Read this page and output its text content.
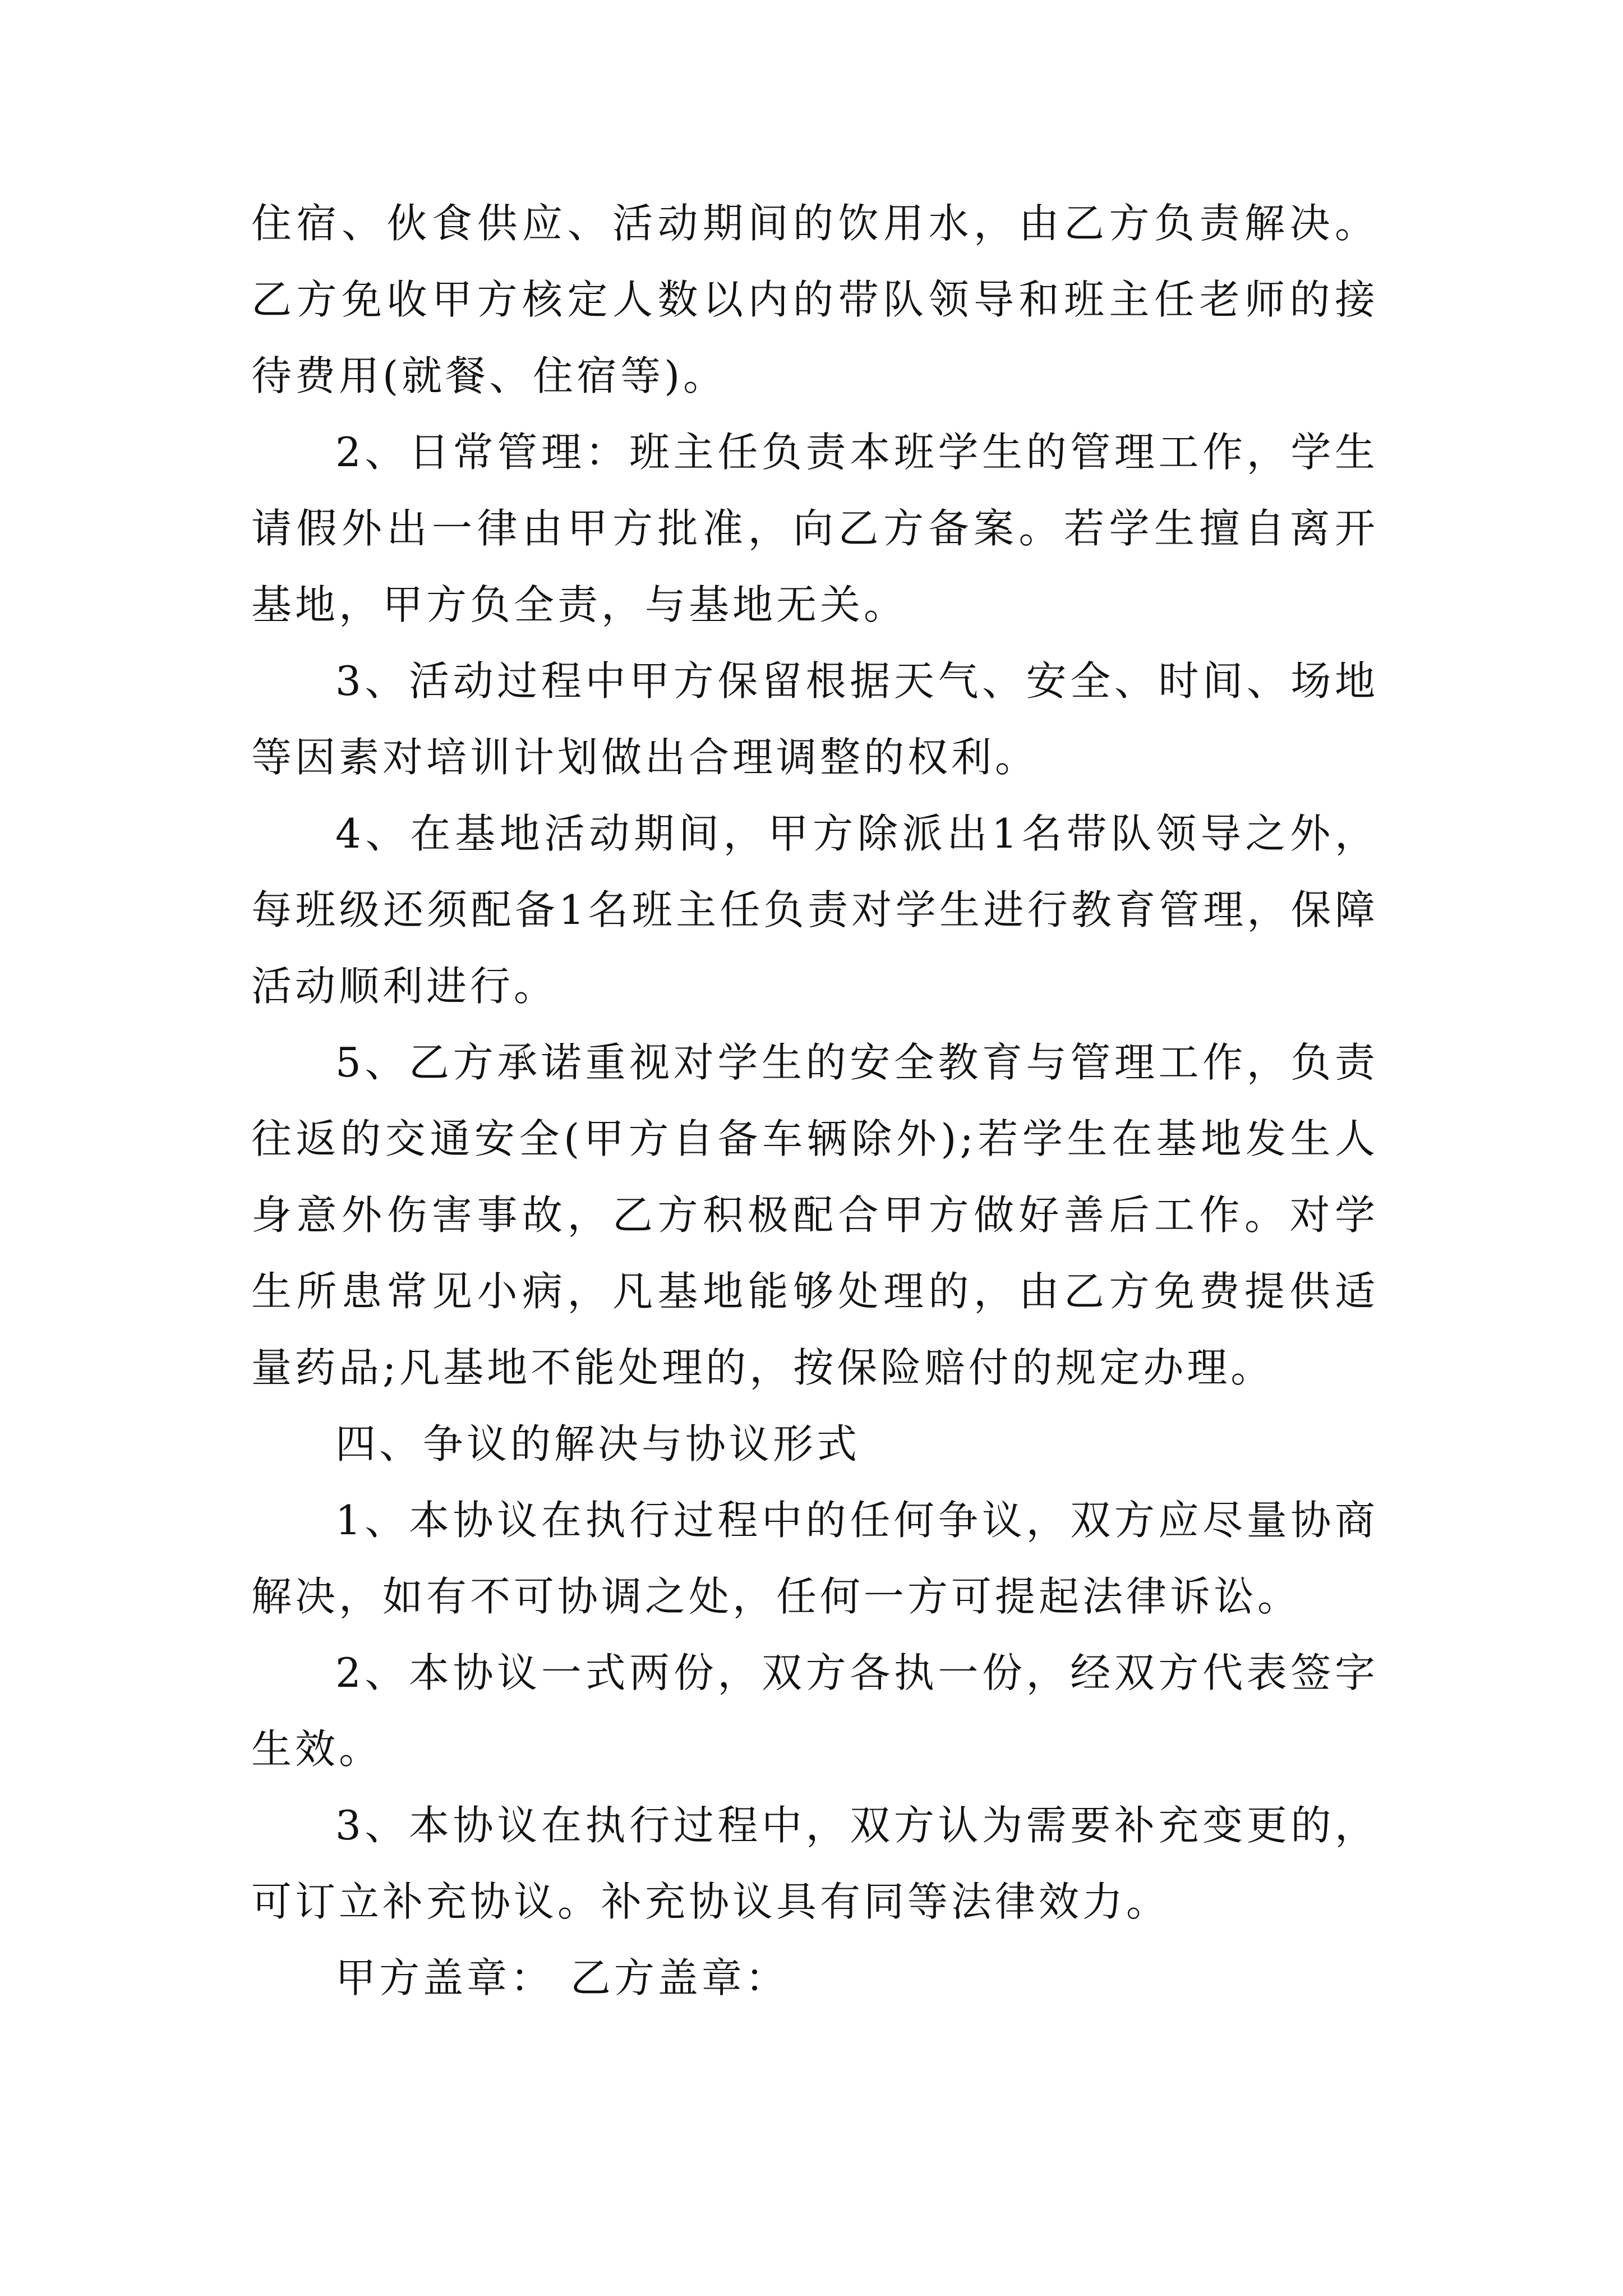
住宿、伙食供应、活动期间的饮用水，由乙方负责解决。乙方免收甲方核定人数以内的带队领导和班主任老师的接待费用(就餐、住宿等)。

2、日常管理：班主任负责本班学生的管理工作，学生请假外出一律由甲方批准，向乙方备案。若学生擅自离开基地，甲方负全责，与基地无关。

3、活动过程中甲方保留根据天气、安全、时间、场地等因素对培训计划做出合理调整的权利。

4、在基地活动期间，甲方除派出1名带队领导之外，每班级还须配备1名班主任负责对学生进行教育管理，保障活动顺利进行。

5、乙方承诺重视对学生的安全教育与管理工作，负责往返的交通安全(甲方自备车辆除外);若学生在基地发生人身意外伤害事故，乙方积极配合甲方做好善后工作。对学生所患常见小病，凡基地能够处理的，由乙方免费提供适量药品;凡基地不能处理的，按保险赔付的规定办理。

四、争议的解决与协议形式

1、本协议在执行过程中的任何争议，双方应尽量协商解决，如有不可协调之处，任何一方可提起法律诉讼。

2、本协议一式两份，双方各执一份，经双方代表签字生效。

3、本协议在执行过程中，双方认为需要补充变更的，可订立补充协议。补充协议具有同等法律效力。

甲方盖章： 乙方盖章：
